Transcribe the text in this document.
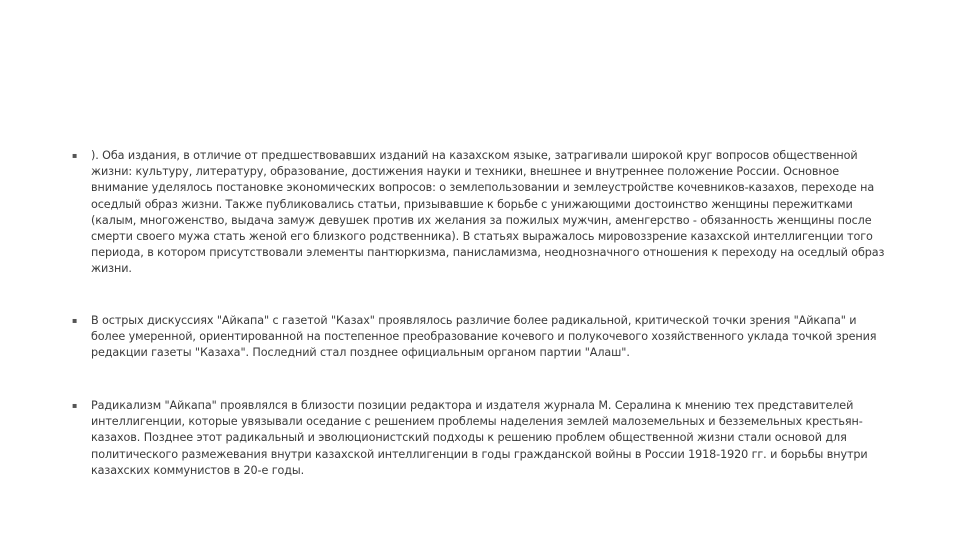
▪	). Оба издания, в отличие от предшествовавших изданий на казахском языке, затрагивали широкой круг вопросов общественной жизни: культуру, литературу, образование, достижения науки и техники, внешнее и внутреннее положение России. Основное внимание уделялось постановке экономических вопросов: о землепользовании и землеустройстве кочевников-казахов, переходе на оседлый образ жизни. Также публиковались статьи, призывавшие к борьбе с унижающими достоинство женщины пережитками (калым, многоженство, выдача замуж девушек против их желания за пожилых мужчин, аменгерство - обязанность женщины после смерти своего мужа стать женой его близкого родственника). В статьях выражалось мировоззрение казахской интеллигенции того периода, в котором присутствовали элементы пантюркизма, панисламизма, неоднозначного отношения к переходу на оседлый образ жизни.
▪	В острых дискуссиях "Айкапа" с газетой "Казах" проявлялось различие более радикальной, критической точки зрения "Айкапа" и более умеренной, ориентированной на постепенное преобразование кочевого и полукочевого хозяйственного уклада точкой зрения редакции газеты "Казаха". Последний стал позднее официальным органом партии "Алаш".
▪	Радикализм "Айкапа" проявлялся в близости позиции редактора и издателя журнала М. Сералина к мнению тех представителей интеллигенции, которые увязывали оседание с решением проблемы наделения землей малоземельных и безземельных крестьян-казахов. Позднее этот радикальный и эволюционистский подходы к решению проблем общественной жизни стали основой для политического размежевания внутри казахской интеллигенции в годы гражданской войны в России 1918-1920 гг. и борьбы внутри казахских коммунистов в 20-е годы.
